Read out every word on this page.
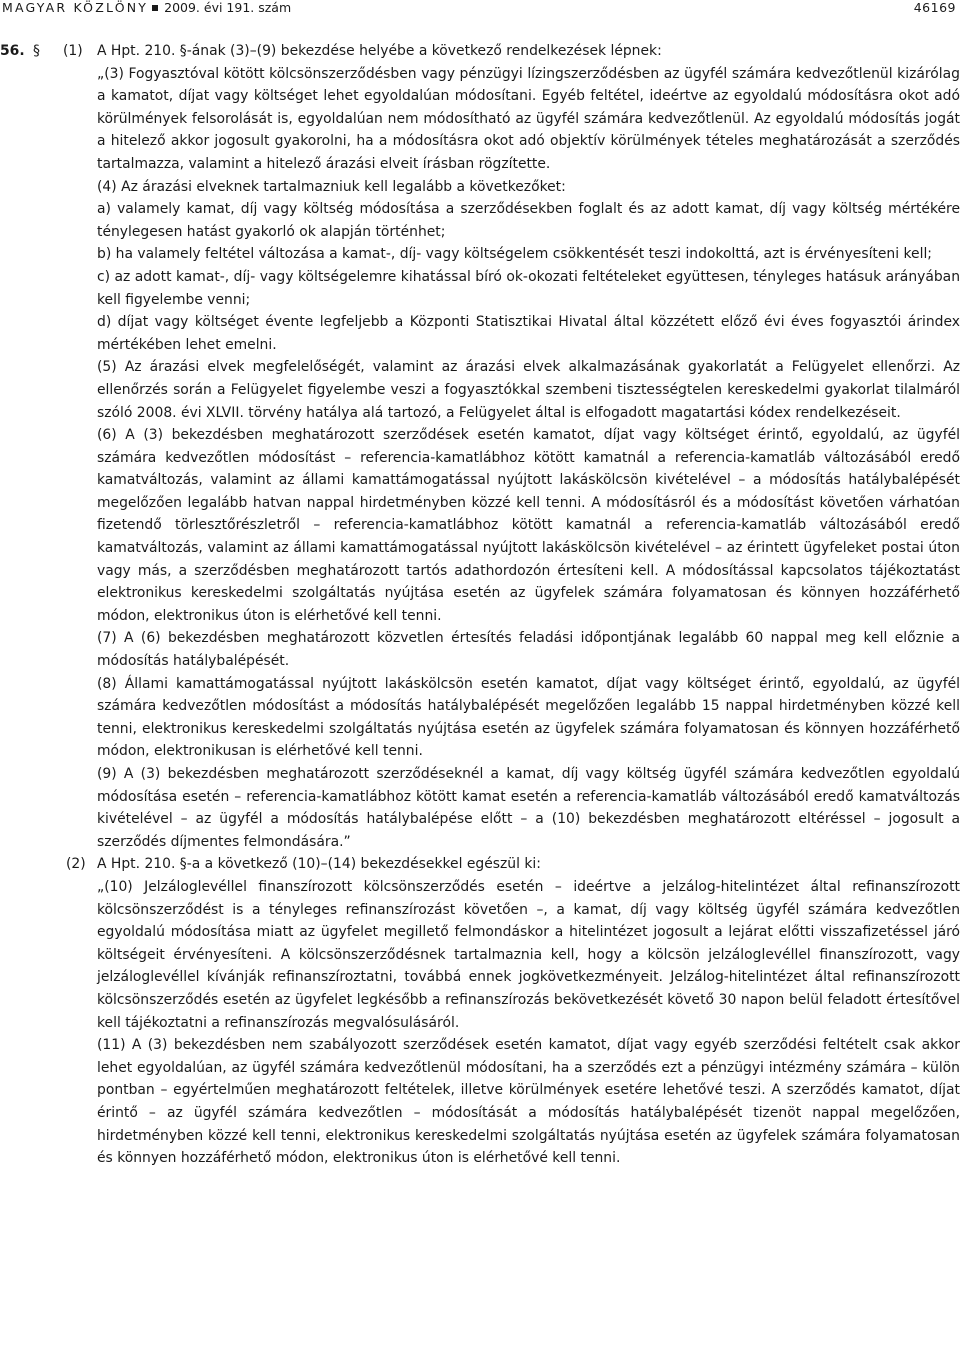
MAGYAR KÖZLÖNY 2009. évi 191. szám	46169

56. § (1) A Hpt. 210. §-ának (3)–(9) bekezdése helyébe a következő rendelkezések lépnek:

„(3) Fogyasztóval kötött kölcsönszerződésben vagy pénzügyi lízingszerződésben az ügyfél számára kedvezőtlenül kizárólag a kamatot, díjat vagy költséget lehet egyoldalúan módosítani. Egyéb feltétel, ideértve az egyoldalú módosításra okot adó körülmények felsorolását is, egyoldalúan nem módosítható az ügyfél számára kedvezőtlenül. Az egyoldalú módosítás jogát a hitelező akkor jogosult gyakorolni, ha a módosításra okot adó objektív körülmények tételes meghatározását a szerződés tartalmazza, valamint a hitelező árazási elveit írásban rögzítette.

(4) Az árazási elveknek tartalmazniuk kell legalább a következőket:

a) valamely kamat, díj vagy költség módosítása a szerződésekben foglalt és az adott kamat, díj vagy költség mértékére ténylegesen hatást gyakorló ok alapján történhet;

b) ha valamely feltétel változása a kamat-, díj- vagy költségelem csökkentését teszi indokolttá, azt is érvényesíteni kell;

c) az adott kamat-, díj- vagy költségelemre kihatással bíró ok-okozati feltételeket együttesen, tényleges hatásuk arányában kell figyelembe venni;

d) díjat vagy költséget évente legfeljebb a Központi Statisztikai Hivatal által közzétett előző évi éves fogyasztói árindex mértékében lehet emelni.

(5) Az árazási elvek megfelelőségét, valamint az árazási elvek alkalmazásának gyakorlatát a Felügyelet ellenőrzi. Az ellenőrzés során a Felügyelet figyelembe veszi a fogyasztókkal szembeni tisztességtelen kereskedelmi gyakorlat tilalmáról szóló 2008. évi XLVII. törvény hatálya alá tartozó, a Felügyelet által is elfogadott magatartási kódex rendelkezéseit.

(6) A (3) bekezdésben meghatározott szerződések esetén kamatot, díjat vagy költséget érintő, egyoldalú, az ügyfél számára kedvezőtlen módosítást – referencia-kamatlábhoz kötött kamatnál a referencia-kamatláb változásából eredő kamatváltozás, valamint az állami kamattámogatással nyújtott lakáskölcsön kivételével – a módosítás hatálybalépését megelőzően legalább hatvan nappal hirdetményben közzé kell tenni. A módosításról és a módosítást követően várhatóan fizetendő törlesztőrészletről – referencia-kamatlábhoz kötött kamatnál a referencia-kamatláb változásából eredő kamatváltozás, valamint az állami kamattámogatással nyújtott lakáskölcsön kivételével – az érintett ügyfeleket postai úton vagy más, a szerződésben meghatározott tartós adathordozón értesíteni kell. A módosítással kapcsolatos tájékoztatást elektronikus kereskedelmi szolgáltatás nyújtása esetén az ügyfelek számára folyamatosan és könnyen hozzáférhető módon, elektronikus úton is elérhetővé kell tenni.

(7) A (6) bekezdésben meghatározott közvetlen értesítés feladási időpontjának legalább 60 nappal meg kell előznie a módosítás hatálybalépését.

(8) Állami kamattámogatással nyújtott lakáskölcsön esetén kamatot, díjat vagy költséget érintő, egyoldalú, az ügyfél számára kedvezőtlen módosítást a módosítás hatálybalépését megelőzően legalább 15 nappal hirdetményben közzé kell tenni, elektronikus kereskedelmi szolgáltatás nyújtása esetén az ügyfelek számára folyamatosan és könnyen hozzáférhető módon, elektronikusan is elérhetővé kell tenni.

(9) A (3) bekezdésben meghatározott szerződéseknél a kamat, díj vagy költség ügyfél számára kedvezőtlen egyoldalú módosítása esetén – referencia-kamatlábhoz kötött kamat esetén a referencia-kamatláb változásából eredő kamatváltozás kivételével – az ügyfél a módosítás hatálybalépése előtt – a (10) bekezdésben meghatározott eltéréssel – jogosult a szerződés díjmentes felmondására.”

(2) A Hpt. 210. §-a a következő (10)–(14) bekezdésekkel egészül ki:

„(10) Jelzáloglevéllel finanszírozott kölcsönszerződés esetén – ideértve a jelzálog-hitelintézet által refinanszírozott kölcsönszerződést is a tényleges refinanszírozást követően –, a kamat, díj vagy költség ügyfél számára kedvezőtlen egyoldalú módosítása miatt az ügyfelet megillető felmondáskor a hitelintézet jogosult a lejárat előtti visszafizetéssel járó költségeit érvényesíteni. A kölcsönszerződésnek tartalmaznia kell, hogy a kölcsön jelzáloglevéllel finanszírozott, vagy jelzáloglevéllel kívánják refinanszíroztatni, továbbá ennek jogkövetkezményeit. Jelzálog-hitelintézet által refinanszírozott kölcsönszerződés esetén az ügyfelet legkésőbb a refinanszírozás bekövetkezését követő 30 napon belül feladott értesítővel kell tájékoztatni a refinanszírozás megvalósulásáról.

(11) A (3) bekezdésben nem szabályozott szerződések esetén kamatot, díjat vagy egyéb szerződési feltételt csak akkor lehet egyoldalúan, az ügyfél számára kedvezőtlenül módosítani, ha a szerződés ezt a pénzügyi intézmény számára – külön pontban – egyértelműen meghatározott feltételek, illetve körülmények esetére lehetővé teszi. A szerződés kamatot, díjat érintő – az ügyfél számára kedvezőtlen – módosítását a módosítás hatálybalépését tizenöt nappal megelőzően, hirdetményben közzé kell tenni, elektronikus kereskedelmi szolgáltatás nyújtása esetén az ügyfelek számára folyamatosan és könnyen hozzáférhető módon, elektronikus úton is elérhetővé kell tenni.
